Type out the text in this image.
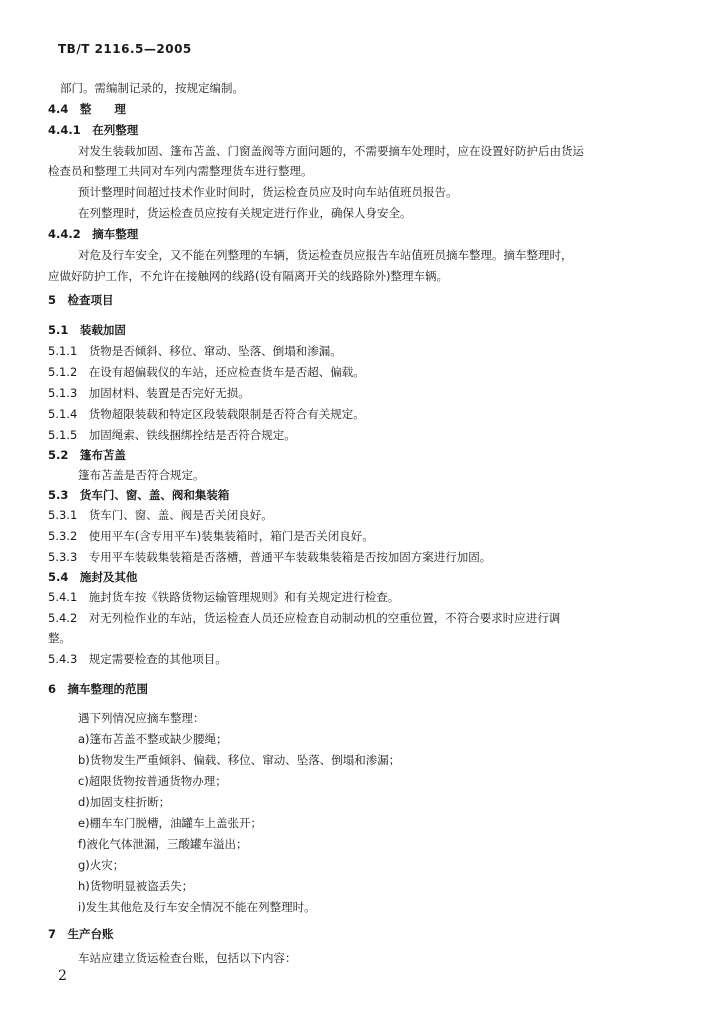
TB/T 2116.5—2005
部门。需编制记录的，按规定编制。
4.4　整　　理
4.4.1　在列整理
对发生装载加固、篷布苫盖、门窗盖阀等方面问题的，不需要摘车处理时，应在设置好防护后由货运
检查员和整理工共同对车列内需整理货车进行整理。
预计整理时间超过技术作业时间时，货运检查员应及时向车站值班员报告。
在列整理时，货运检查员应按有关规定进行作业，确保人身安全。
4.4.2　摘车整理
对危及行车安全，又不能在列整理的车辆，货运检查员应报告车站值班员摘车整理。摘车整理时，
应做好防护工作，不允许在接触网的线路(设有隔离开关的线路除外)整理车辆。
5　检查项目
5.1　装载加固
5.1.1　货物是否倾斜、移位、窜动、坠落、倒塌和渗漏。
5.1.2　在设有超偏载仪的车站，还应检查货车是否超、偏载。
5.1.3　加固材料、装置是否完好无损。
5.1.4　货物超限装载和特定区段装载限制是否符合有关规定。
5.1.5　加固绳索、铁线捆绑拴结是否符合规定。
5.2　篷布苫盖
篷布苫盖是否符合规定。
5.3　货车门、窗、盖、阀和集装箱
5.3.1　货车门、窗、盖、阀是否关闭良好。
5.3.2　使用平车(含专用平车)装集装箱时，箱门是否关闭良好。
5.3.3　专用平车装载集装箱是否落槽，普通平车装载集装箱是否按加固方案进行加固。
5.4　施封及其他
5.4.1　施封货车按《铁路货物运输管理规则》和有关规定进行检查。
5.4.2　对无列检作业的车站，货运检查人员还应检查自动制动机的空重位置，不符合要求时应进行调
整。
5.4.3　规定需要检查的其他项目。
6　摘车整理的范围
遇下列情况应摘车整理：
a)篷布苫盖不整或缺少腰绳；
b)货物发生严重倾斜、偏载、移位、窜动、坠落、倒塌和渗漏；
c)超限货物按普通货物办理；
d)加固支柱折断；
e)棚车车门脱槽，油罐车上盖张开；
f)液化气体泄漏，三酸罐车溢出；
g)火灾；
h)货物明显被盗丢失；
i)发生其他危及行车安全情况不能在列整理时。
7　生产台账
车站应建立货运检查台账，包括以下内容：
2
